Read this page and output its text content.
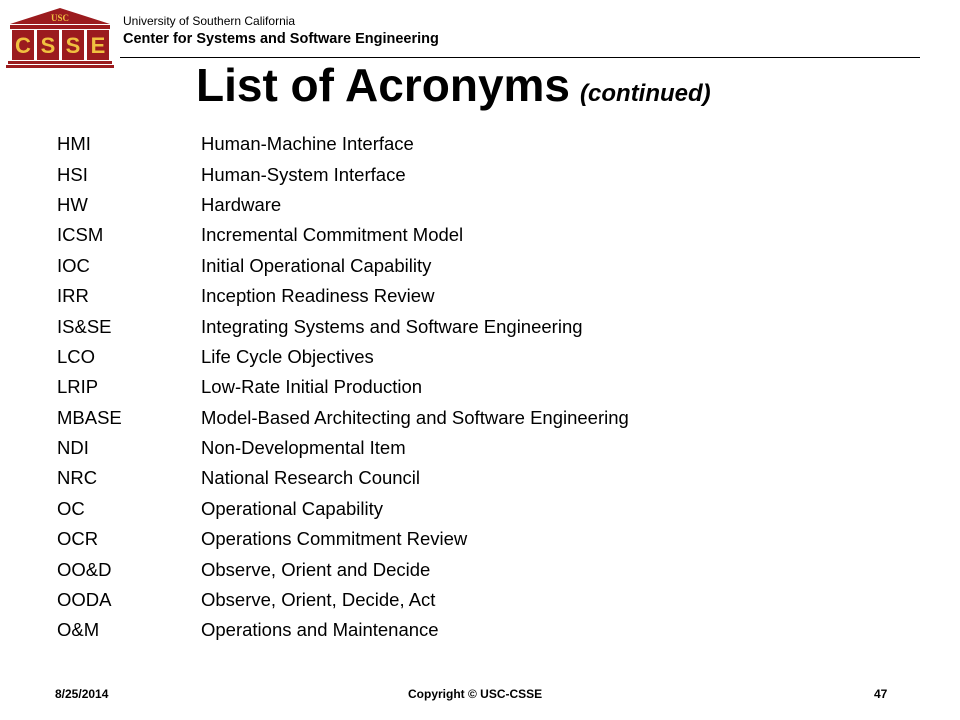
USC
C S S E
University of Southern California
Center for Systems and Software Engineering
List of Acronyms (continued)
HMI	Human-Machine Interface
HSI	Human-System Interface
HW	Hardware
ICSM	Incremental Commitment Model
IOC	Initial Operational Capability
IRR	Inception Readiness Review
IS&SE	Integrating Systems and Software Engineering
LCO	Life Cycle Objectives
LRIP	Low-Rate Initial Production
MBASE	Model-Based Architecting and Software Engineering
NDI	Non-Developmental Item
NRC	National Research Council
OC	Operational Capability
OCR	Operations Commitment Review
OO&D	Observe, Orient and Decide
OODA	Observe, Orient, Decide, Act
O&M	Operations and Maintenance
8/25/2014	Copyright © USC-CSSE	47
